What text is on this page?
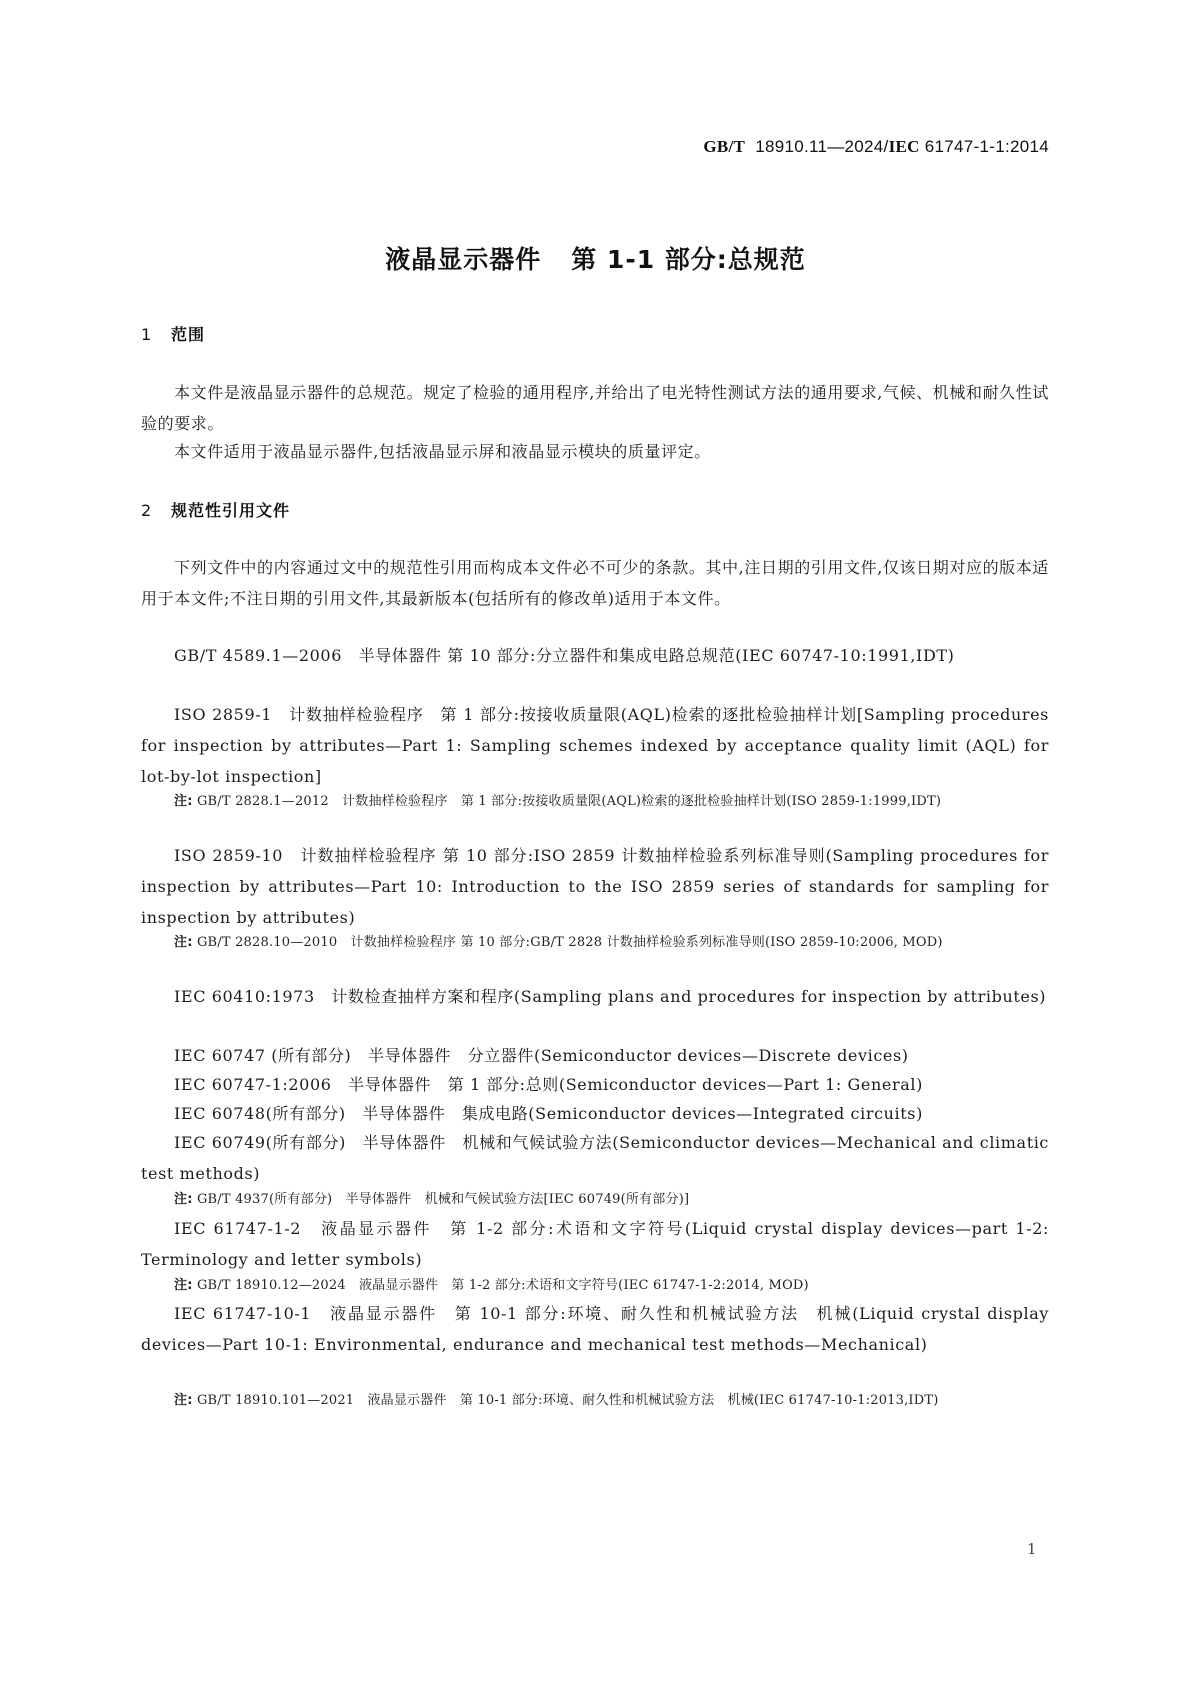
GB/T 18910.11—2024/IEC 61747-1-1:2014
液晶显示器件 第 1-1 部分:总规范
1 范围
本文件是液晶显示器件的总规范。规定了检验的通用程序,并给出了电光特性测试方法的通用要求,气候、机械和耐久性试验的要求。
本文件适用于液晶显示器件,包括液晶显示屏和液晶显示模块的质量评定。
2 规范性引用文件
下列文件中的内容通过文中的规范性引用而构成本文件必不可少的条款。其中,注日期的引用文件,仅该日期对应的版本适用于本文件;不注日期的引用文件,其最新版本(包括所有的修改单)适用于本文件。
GB/T 4589.1—2006　半导体器件 第 10 部分:分立器件和集成电路总规范(IEC 60747-10:1991,IDT)
ISO 2859-1　计数抽样检验程序　第 1 部分:按接收质量限(AQL)检索的逐批检验抽样计划[Sampling procedures for inspection by attributes—Part 1: Sampling schemes indexed by acceptance quality limit (AQL) for lot-by-lot inspection]
注: GB/T 2828.1—2012　计数抽样检验程序　第 1 部分:按接收质量限(AQL)检索的逐批检验抽样计划(ISO 2859-1:1999,IDT)
ISO 2859-10　计数抽样检验程序 第 10 部分:ISO 2859 计数抽样检验系列标准导则(Sampling procedures for inspection by attributes—Part 10: Introduction to the ISO 2859 series of standards for sampling for inspection by attributes)
注: GB/T 2828.10—2010　计数抽样检验程序 第 10 部分:GB/T 2828 计数抽样检验系列标准导则(ISO 2859-10:2006, MOD)
IEC 60410:1973　计数检查抽样方案和程序(Sampling plans and procedures for inspection by attributes)
IEC 60747 (所有部分)　半导体器件　分立器件(Semiconductor devices—Discrete devices)
IEC 60747-1:2006　半导体器件　第 1 部分:总则(Semiconductor devices—Part 1: General)
IEC 60748(所有部分)　半导体器件　集成电路(Semiconductor devices—Integrated circuits)
IEC 60749(所有部分)　半导体器件　机械和气候试验方法(Semiconductor devices—Mechanical and climatic test methods)
注: GB/T 4937(所有部分)　半导体器件　机械和气候试验方法[IEC 60749(所有部分)]
IEC 61747-1-2　液晶显示器件　第 1-2 部分:术语和文字符号(Liquid crystal display devices—part 1-2: Terminology and letter symbols)
注: GB/T 18910.12—2024　液晶显示器件　第 1-2 部分:术语和文字符号(IEC 61747-1-2:2014, MOD)
IEC 61747-10-1　液晶显示器件　第 10-1 部分:环境、耐久性和机械试验方法　机械(Liquid crystal display devices—Part 10-1: Environmental, endurance and mechanical test methods—Mechanical)
注: GB/T 18910.101—2021　液晶显示器件　第 10-1 部分:环境、耐久性和机械试验方法　机械(IEC 61747-10-1:2013,IDT)
1
